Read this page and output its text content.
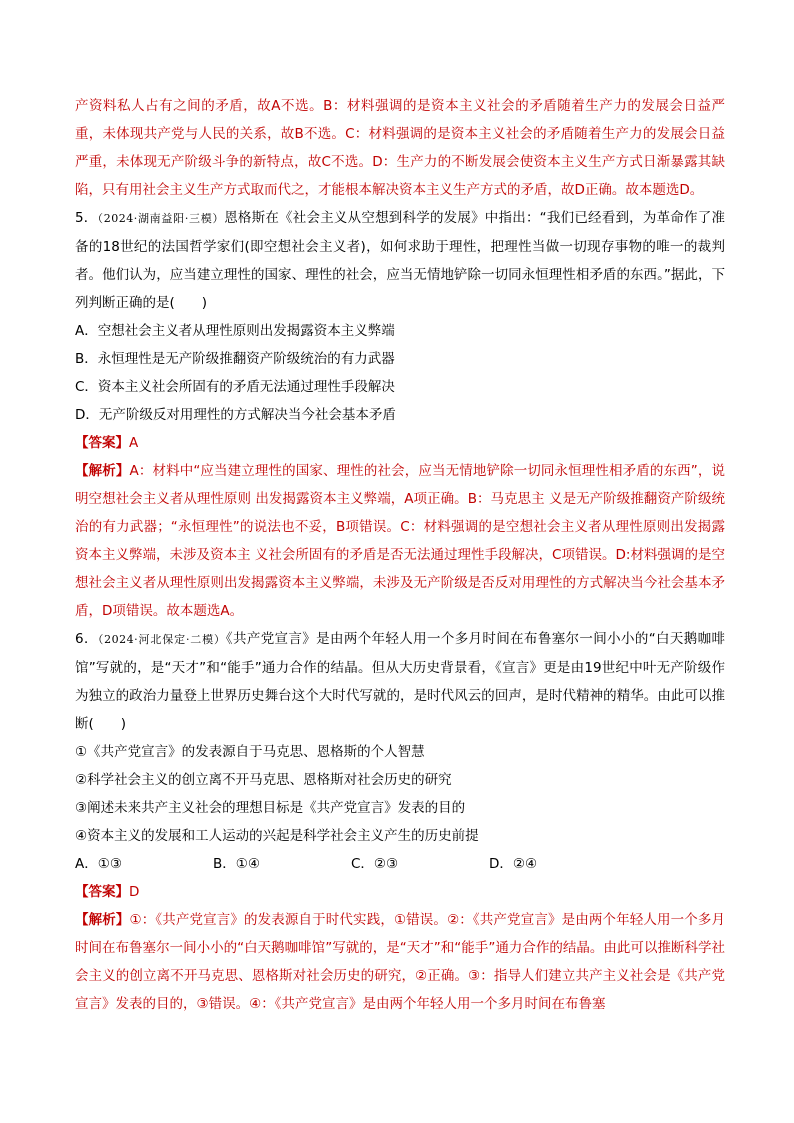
产资料私人占有之间的矛盾，故A不选。B：材料强调的是资本主义社会的矛盾随着生产力的发展会日益严重，未体现共产党与人民的关系，故B不选。C：材料强调的是资本主义社会的矛盾随着生产力的发展会日益严重，未体现无产阶级斗争的新特点，故C不选。D：生产力的不断发展会使资本主义生产方式日渐暴露其缺陷，只有用社会主义生产方式取而代之，才能根本解决资本主义生产方式的矛盾，故D正确。故本题选D。

5．（2024·湖南益阳·三模）恩格斯在《社会主义从空想到科学的发展》中指出：“我们已经看到，为革命作了准备的18世纪的法国哲学家们(即空想社会主义者)，如何求助于理性，把理性当做一切现存事物的唯一的裁判者。他们认为，应当建立理性的国家、理性的社会，应当无情地铲除一切同永恒理性相矛盾的东西。”据此，下列判断正确的是(　　)

A．空想社会主义者从理性原则出发揭露资本主义弊端

B．永恒理性是无产阶级推翻资产阶级统治的有力武器

C．资本主义社会所固有的矛盾无法通过理性手段解决

D．无产阶级反对用理性的方式解决当今社会基本矛盾

【答案】A

【解析】A：材料中“应当建立理性的国家、理性的社会，应当无情地铲除一切同永恒理性相矛盾的东西”，说明空想社会主义者从理性原则 出发揭露资本主义弊端，A项正确。B：马克思主 义是无产阶级推翻资产阶级统治的有力武器；“永恒理性”的说法也不妥，B项错误。C：材料强调的是空想社会主义者从理性原则出发揭露资本主义弊端，未涉及资本主 义社会所固有的矛盾是否无法通过理性手段解决，C项错误。D:材料强调的是空想社会主义者从理性原则出发揭露资本主义弊端，未涉及无产阶级是否反对用理性的方式解决当今社会基本矛盾，D项错误。故本题选A。

6．（2024·河北保定·二模）《共产党宣言》是由两个年轻人用一个多月时间在布鲁塞尔一间小小的“白天鹅咖啡馆”写就的，是“天才”和“能手”通力合作的结晶。但从大历史背景看，《宣言》更是由19世纪中叶无产阶级作为独立的政治力量登上世界历史舞台这个大时代写就的，是时代风云的回声，是时代精神的精华。由此可以推断(　　)

①《共产党宣言》的发表源自于马克思、恩格斯的个人智慧

②科学社会主义的创立离不开马克思、恩格斯对社会历史的研究

③阐述未来共产主义社会的理想目标是《共产党宣言》发表的目的

④资本主义的发展和工人运动的兴起是科学社会主义产生的历史前提

A．①③	B．①④	C．②③	D．②④

【答案】D

【解析】①：《共产党宣言》的发表源自于时代实践，①错误。②：《共产党宣言》是由两个年轻人用一个多月时间在布鲁塞尔一间小小的“白天鹅咖啡馆”写就的，是“天才”和“能手”通力合作的结晶。由此可以推断科学社会主义的创立离不开马克思、恩格斯对社会历史的研究，②正确。③：指导人们建立共产主义社会是《共产党宣言》发表的目的，③错误。④：《共产党宣言》是由两个年轻人用一个多月时间在布鲁塞
